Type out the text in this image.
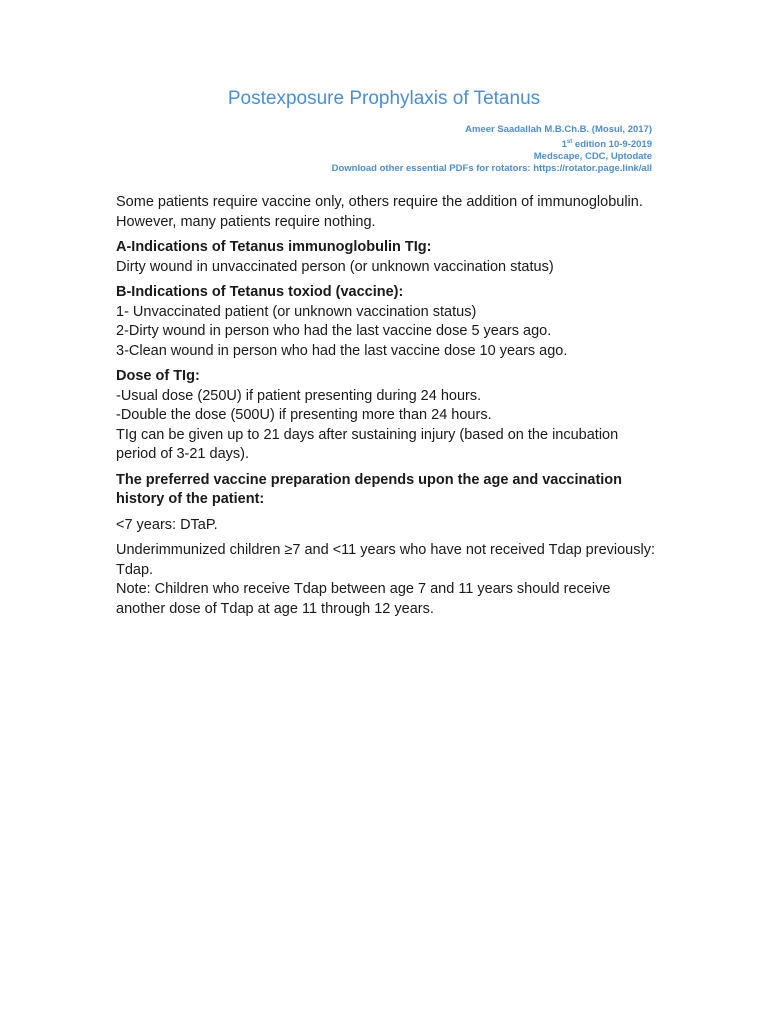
Postexposure Prophylaxis of Tetanus
Ameer Saadallah M.B.Ch.B. (Mosul, 2017)
1st edition 10-9-2019
Medscape, CDC, Uptodate
Download other essential PDFs for rotators: https://rotator.page.link/all

Some patients require vaccine only, others require the addition of immunoglobulin. However, many patients require nothing.

A-Indications of Tetanus immunoglobulin TIg:
Dirty wound in unvaccinated person (or unknown vaccination status)

B-Indications of Tetanus toxiod (vaccine):
1- Unvaccinated patient (or unknown vaccination status)
2-Dirty wound in person who had the last vaccine dose 5 years ago.
3-Clean wound in person who had the last vaccine dose 10 years ago.

Dose of TIg:
-Usual dose (250U) if patient presenting during 24 hours.
-Double the dose (500U) if presenting more than 24 hours.
TIg can be given up to 21 days after sustaining injury (based on the incubation period of 3-21 days).

The preferred vaccine preparation depends upon the age and vaccination history of the patient:

<7 years: DTaP.

Underimmunized children ≥7 and <11 years who have not received Tdap previously: Tdap.
Note: Children who receive Tdap between age 7 and 11 years should receive another dose of Tdap at age 11 through 12 years.
